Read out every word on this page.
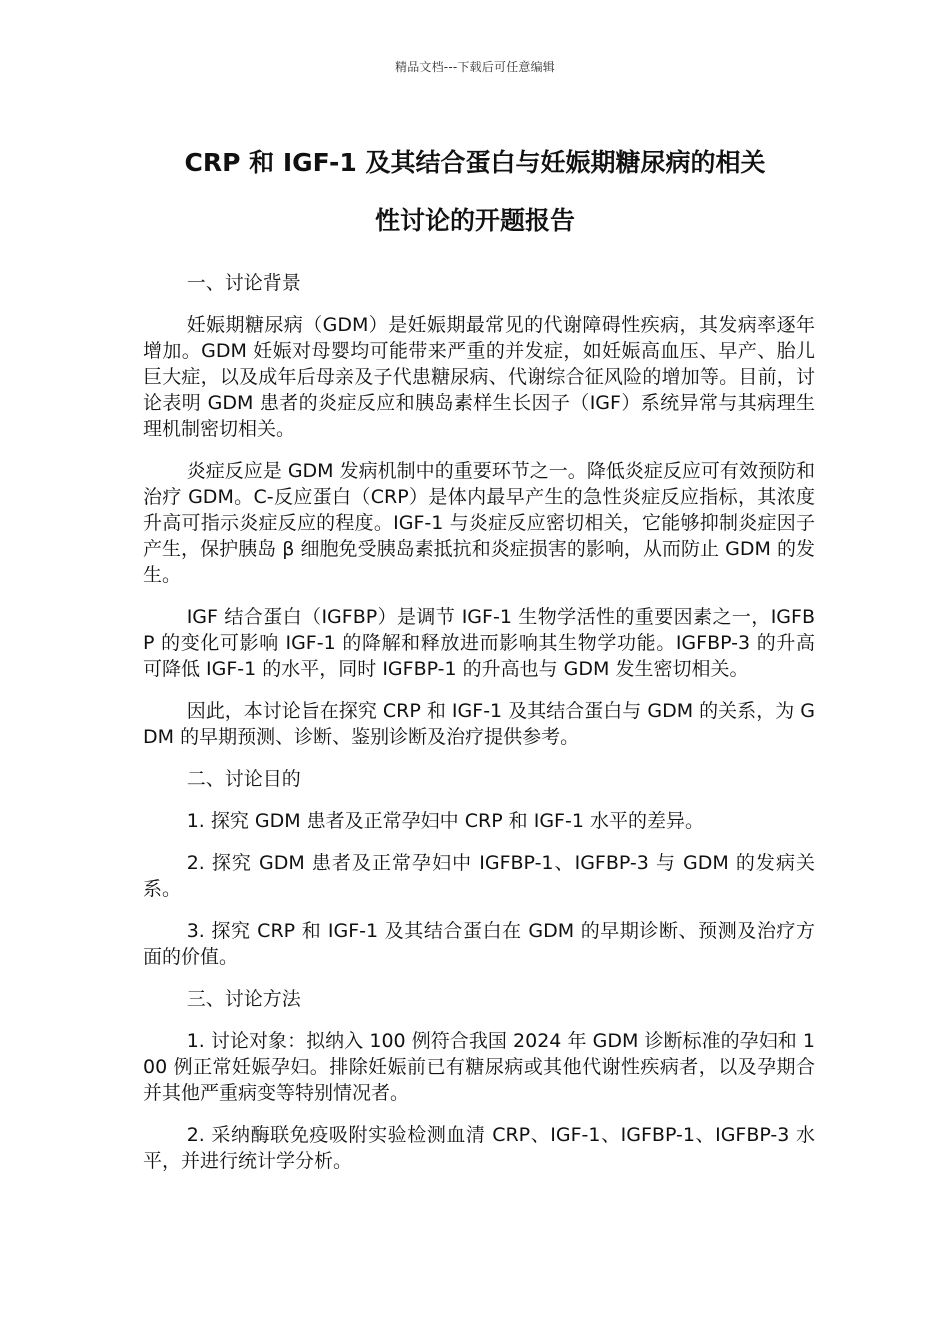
精品文档---下载后可任意编辑
CRP 和 IGF-1 及其结合蛋白与妊娠期糖尿病的相关
性讨论的开题报告
一、讨论背景
妊娠期糖尿病（GDM）是妊娠期最常见的代谢障碍性疾病，其发病率逐年增加。GDM 妊娠对母婴均可能带来严重的并发症，如妊娠高血压、早产、胎儿巨大症，以及成年后母亲及子代患糖尿病、代谢综合征风险的增加等。目前，讨论表明 GDM 患者的炎症反应和胰岛素样生长因子（IGF）系统异常与其病理生理机制密切相关。
炎症反应是 GDM 发病机制中的重要环节之一。降低炎症反应可有效预防和治疗 GDM。C-反应蛋白（CRP）是体内最早产生的急性炎症反应指标，其浓度升高可指示炎症反应的程度。IGF-1 与炎症反应密切相关，它能够抑制炎症因子产生，保护胰岛 β 细胞免受胰岛素抵抗和炎症损害的影响，从而防止 GDM 的发生。
IGF 结合蛋白（IGFBP）是调节 IGF-1 生物学活性的重要因素之一，IGFBP 的变化可影响 IGF-1 的降解和释放进而影响其生物学功能。IGFBP-3 的升高可降低 IGF-1 的水平，同时 IGFBP-1 的升高也与 GDM 发生密切相关。
因此，本讨论旨在探究 CRP 和 IGF-1 及其结合蛋白与 GDM 的关系，为 GDM 的早期预测、诊断、鉴别诊断及治疗提供参考。
二、讨论目的
1. 探究 GDM 患者及正常孕妇中 CRP 和 IGF-1 水平的差异。
2. 探究 GDM 患者及正常孕妇中 IGFBP-1、IGFBP-3 与 GDM 的发病关系。
3. 探究 CRP 和 IGF-1 及其结合蛋白在 GDM 的早期诊断、预测及治疗方面的价值。
三、讨论方法
1. 讨论对象：拟纳入 100 例符合我国 2024 年 GDM 诊断标准的孕妇和 100 例正常妊娠孕妇。排除妊娠前已有糖尿病或其他代谢性疾病者，以及孕期合并其他严重病变等特别情况者。
2. 采纳酶联免疫吸附实验检测血清 CRP、IGF-1、IGFBP-1、IGFBP-3 水平，并进行统计学分析。
